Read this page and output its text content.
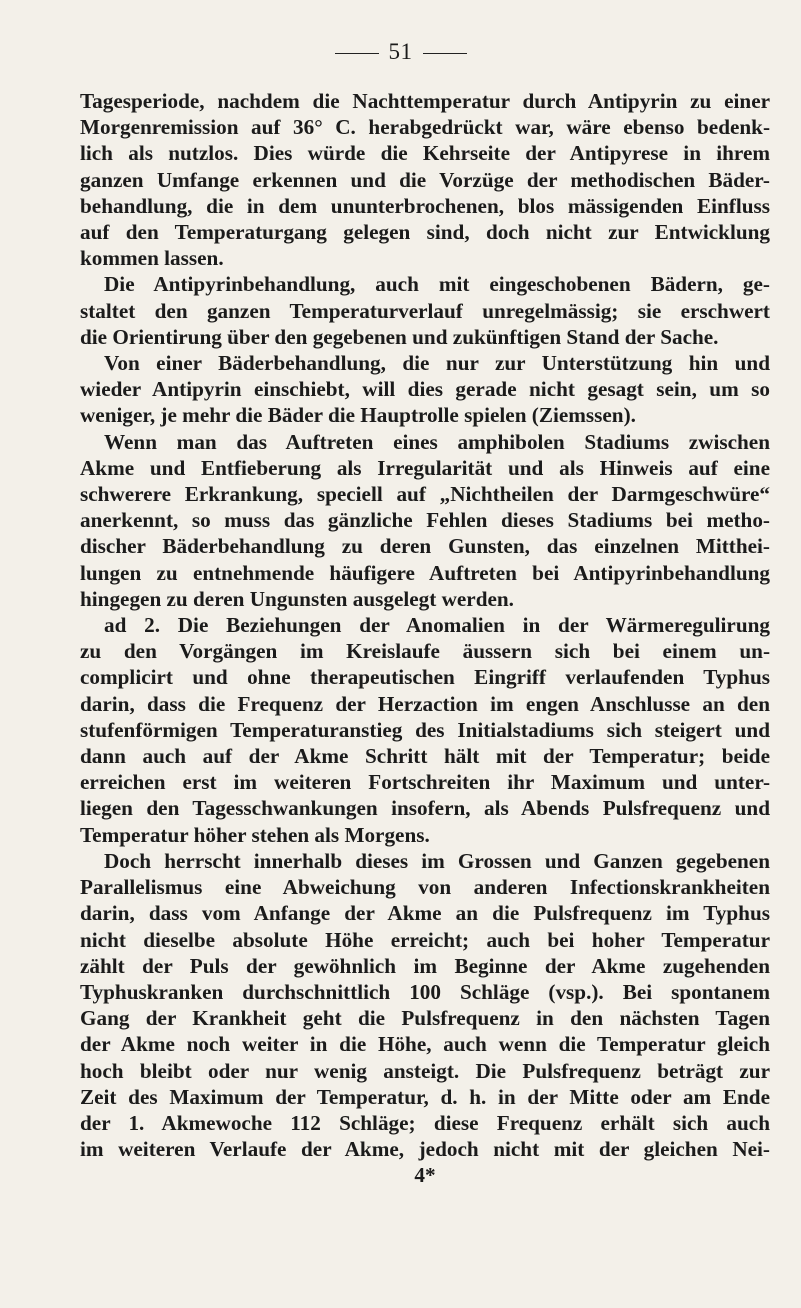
51
Tagesperiode, nachdem die Nachttemperatur durch Antipyrin zu einer
Morgenremission auf 36° C. herabgedrückt war, wäre ebenso bedenk-
lich als nutzlos. Dies würde die Kehrseite der Antipyrese in ihrem
ganzen Umfange erkennen und die Vorzüge der methodischen Bäder-
behandlung, die in dem ununterbrochenen, blos mässigenden Einfluss
auf den Temperaturgang gelegen sind, doch nicht zur Entwicklung
kommen lassen.
Die Antipyrinbehandlung, auch mit eingeschobenen Bädern, ge-
staltet den ganzen Temperaturverlauf unregelmässig; sie erschwert
die Orientirung über den gegebenen und zukünftigen Stand der Sache.
Von einer Bäderbehandlung, die nur zur Unterstützung hin und
wieder Antipyrin einschiebt, will dies gerade nicht gesagt sein, um so
weniger, je mehr die Bäder die Hauptrolle spielen (Ziemssen).
Wenn man das Auftreten eines amphibolen Stadiums zwischen
Akme und Entfieberung als Irregularität und als Hinweis auf eine
schwerere Erkrankung, speciell auf „Nichtheilen der Darmgeschwüre“
anerkennt, so muss das gänzliche Fehlen dieses Stadiums bei metho-
discher Bäderbehandlung zu deren Gunsten, das einzelnen Mitthei-
lungen zu entnehmende häufigere Auftreten bei Antipyrinbehandlung
hingegen zu deren Ungunsten ausgelegt werden.
ad 2. Die Beziehungen der Anomalien in der Wärmeregulirung
zu den Vorgängen im Kreislaufe äussern sich bei einem un-
complicirt und ohne therapeutischen Eingriff verlaufenden Typhus
darin, dass die Frequenz der Herzaction im engen Anschlusse an den
stufenförmigen Temperaturanstieg des Initialstadiums sich steigert und
dann auch auf der Akme Schritt hält mit der Temperatur; beide
erreichen erst im weiteren Fortschreiten ihr Maximum und unter-
liegen den Tagesschwankungen insofern, als Abends Pulsfrequenz und
Temperatur höher stehen als Morgens.
Doch herrscht innerhalb dieses im Grossen und Ganzen gegebenen
Parallelismus eine Abweichung von anderen Infectionskrankheiten
darin, dass vom Anfange der Akme an die Pulsfrequenz im Typhus
nicht dieselbe absolute Höhe erreicht; auch bei hoher Temperatur
zählt der Puls der gewöhnlich im Beginne der Akme zugehenden
Typhuskranken durchschnittlich 100 Schläge (vsp.). Bei spontanem
Gang der Krankheit geht die Pulsfrequenz in den nächsten Tagen
der Akme noch weiter in die Höhe, auch wenn die Temperatur gleich
hoch bleibt oder nur wenig ansteigt. Die Pulsfrequenz beträgt zur
Zeit des Maximum der Temperatur, d. h. in der Mitte oder am Ende
der 1. Akmewoche 112 Schläge; diese Frequenz erhält sich auch
im weiteren Verlaufe der Akme, jedoch nicht mit der gleichen Nei-
4*
